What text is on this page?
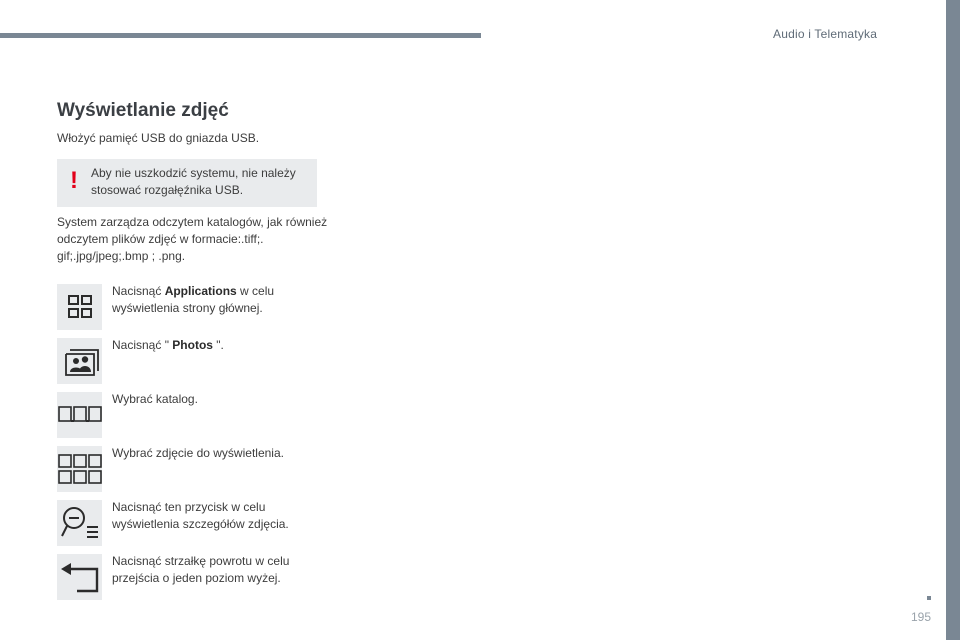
Audio i Telematyka
Wyświetlanie zdjęć
Włożyć pamięć USB do gniazda USB.
! Aby nie uszkodzić systemu, nie należy stosować rozgałęźnika USB.
System zarządza odczytem katalogów, jak również odczytem plików zdjęć w formacie:.tiff;. gif;.jpg/jpeg;.bmp ; .png.
Nacisnąć Applications w celu wyświetlenia strony głównej.
Nacisnąć " Photos ".
Wybrać katalog.
Wybrać zdjęcie do wyświetlenia.
Nacisnąć ten przycisk w celu wyświetlenia szczegółów zdjęcia.
Nacisnąć strzałkę powrotu w celu przejścia o jeden poziom wyżej.
195
